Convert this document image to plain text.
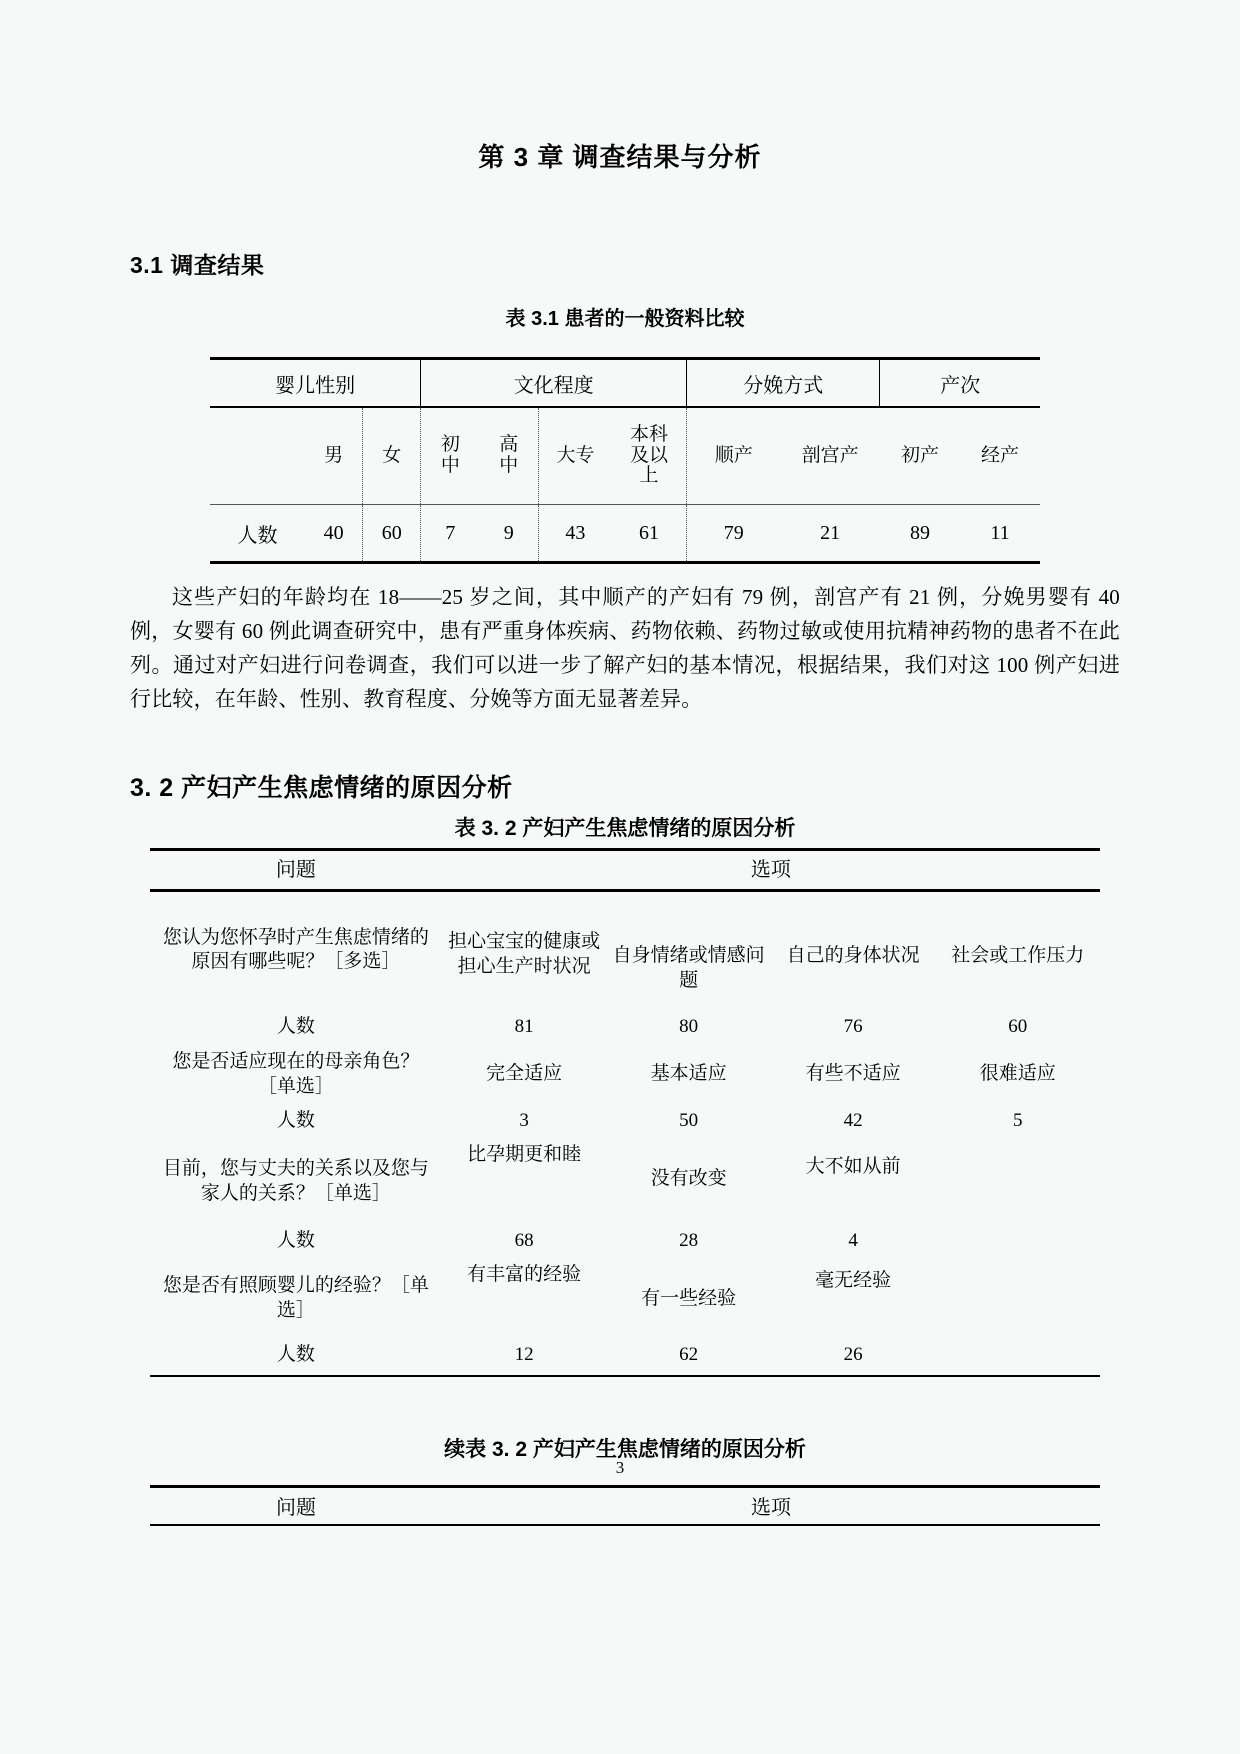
第 3 章 调查结果与分析
3.1 调查结果

表 3.1 患者的一般资料比较

婴儿性别			文化程度				分娩方式		产次	
	男	女	初中	高中	大专	本科及以上	顺产	剖宫产	初产	经产
人数	40	60	7	9	43	61	79	21	89	11

这些产妇的年龄均在 18——25 岁之间，其中顺产的产妇有 79 例，剖宫产有 21 例，分娩男婴有 40 例，女婴有 60 例此调查研究中，患有严重身体疾病、药物依赖、药物过敏或使用抗精神药物的患者不在此列。通过对产妇进行问卷调查，我们可以进一步了解产妇的基本情况，根据结果，我们对这 100 例产妇进行比较，在年龄、性别、教育程度、分娩等方面无显著差异。

3. 2 产妇产生焦虑情绪的原因分析

表 3. 2 产妇产生焦虑情绪的原因分析

问题	选项			
您认为您怀孕时产生焦虑情绪的原因有哪些呢？［多选］	担心宝宝的健康或担心生产时状况	自身情绪或情感问题	自己的身体状况	社会或工作压力
人数	81	80	76	60
您是否适应现在的母亲角色？［单选］	完全适应	基本适应	有些不适应	很难适应
人数	3	50	42	5
目前，您与丈夫的关系以及您与家人的关系？［单选］	比孕期更和睦	没有改变	大不如从前	
人数	68	28	4	
您是否有照顾婴儿的经验？［单选］	有丰富的经验	有一些经验	毫无经验	
人数	12	62	26	

续表 3. 2 产妇产生焦虑情绪的原因分析

问题	选项
3
